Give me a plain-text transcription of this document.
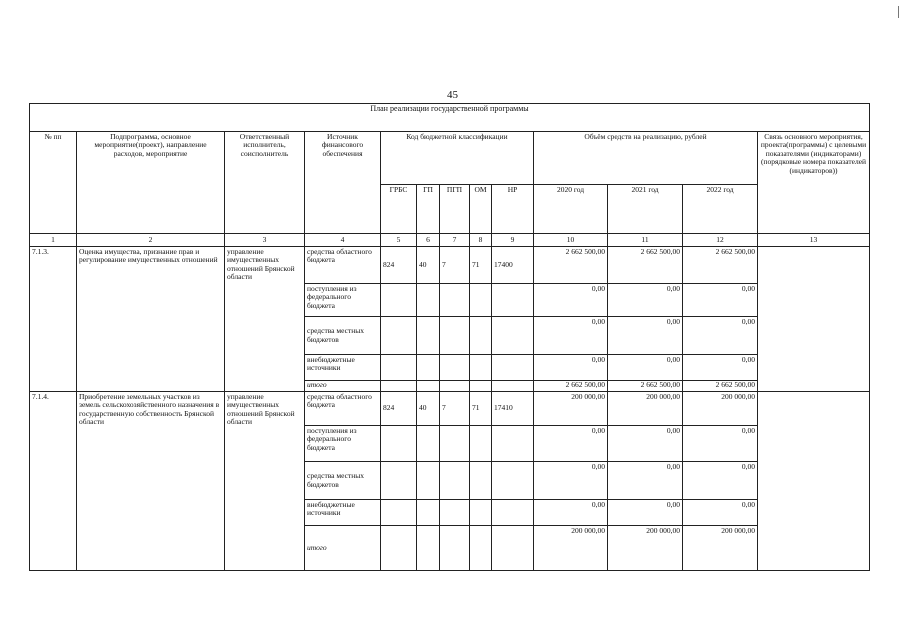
45
План реализации государственной программы												
№ пп	Подпрограмма, основное мероприятие(проект), направление расходов, мероприятие	Ответственный исполнитель, соисполнитель	Источник финансового обеспечения	Код бюджетной классификации					Объём средств на реализацию, рублей			Связь основного мероприятия, проекта(программы) с целевыми показателями (индикаторами) (порядковые номера показателей (индикаторов))
				ГРБС	ГП	ПГП	ОМ	НР	2020 год	2021 год	2022 год	
1	2	3	4	5	6	7	8	9	10	11	12	13
7.1.3.	Оценка имущества, признание прав и регулирование имущественных отношений	управление имущественных отношений Брянской области	средства областного бюджета	824	40	7	71	17400	2 662 500,00	2 662 500,00	2 662 500,00	
			поступления из федерального бюджета						0,00	0,00	0,00	
			средства местных бюджетов						0,00	0,00	0,00	
			внебюджетные источники						0,00	0,00	0,00	
			итого						2 662 500,00	2 662 500,00	2 662 500,00	
7.1.4.	Приобретение земельных участков из земель сельскохозяйственного назначения в государственную собственность Брянской области	управление имущественных отношений Брянской области	средства областного бюджета	824	40	7	71	17410	200 000,00	200 000,00	200 000,00	
			поступления из федерального бюджета						0,00	0,00	0,00	
			средства местных бюджетов						0,00	0,00	0,00	
			внебюджетные источники						0,00	0,00	0,00	
			итого						200 000,00	200 000,00	200 000,00	
